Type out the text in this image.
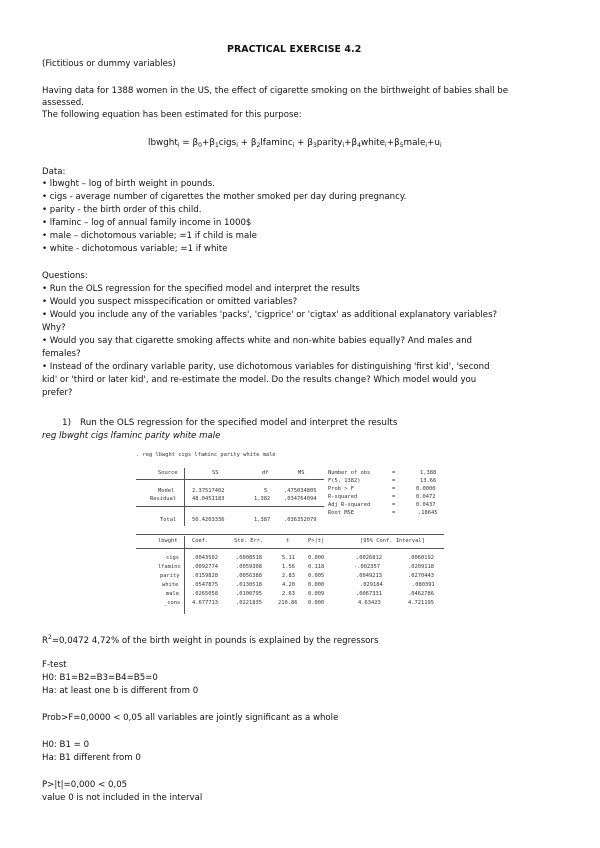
PRACTICAL EXERCISE 4.2
(Fictitious or dummy variables)
Having data for 1388 women in the US, the effect of cigarette smoking on the birthweight of babies shall be
assessed.
The following equation has been estimated for this purpose:
lbwght$_i$ = $\beta_0+\beta_1cigs_i + \beta_2lfaminc_i$ + $\beta_3parity_i+\beta_4white_i+\beta_5male_i+u_i$
Data:
• lbwght – log of birth weight in pounds.
• cigs - average number of cigarettes the mother smoked per day during pregnancy.
• parity - the birth order of this child.
• lfaminc – log of annual family income in 1000$
• male – dichotomous variable; =1 if child is male
• white - dichotomous variable; =1 if white
Questions:
• Run the OLS regression for the specified model and interpret the results
• Would you suspect misspecification or omitted variables?
• Would you include any of the variables 'packs', 'cigprice' or 'cigtax' as additional explanatory variables?
Why?
• Would you say that cigarette smoking affects white and non-white babies equally? And males and
females?
• Instead of the ordinary variable parity, use dichotomous variables for distinguishing 'first kid', 'second
kid' or 'third or later kid', and re-estimate the model. Do the results change? Which model would you
prefer?
1) Run the OLS regression for the specified model and interpret the results
reg lbwght cigs lfaminc parity white male
. reg lbwght cigs lfaminc parity white male
Source	SS	df	MS
Model	2.37517402	5	.475034805
Residual	48.0451183	1,382	.034764094
Total	50.4203336	1,387	.036352079
Number of obs	=	1,388
F(5, 1382)	=	13.66
Prob > F	=	0.0000
R-squared	=	0.0472
Adj R-squared	=	0.0437
Root MSE	=	.18645
lbwght	Coef.	Std. Err.	t	P>|t|	[95% Conf. Interval]
cigs .0043502	.0008518	5.11 0.000	.0026812	.0060192
lfaminc .0092774	.0059308	1.56 0.118	-.002357	.0209118
parity .0159828	.0056388	2.83 0.005	.0049213	.0270443
white	.0547875	.0130518	4.20 0.000	.029184	.080391
male .0265058	.0100795	2.63 0.009	.0067331	.0462786
_cons 4.677713	.0221835	210.86 0.000	4.63423	4.721195
$R^2=0,0472$ 4,72% of the birth weight in pounds is explained by the regressors
F-test
H0: B1=B2=B3=B4=B5=0
Ha: at least one b is different from 0
Prob>F=0,0000 < 0,05 all variables are jointly significant as a whole
H0: B1 = 0
Ha: B1 different from 0
P>|t|=0,000 < 0,05
value 0 is not included in the interval
